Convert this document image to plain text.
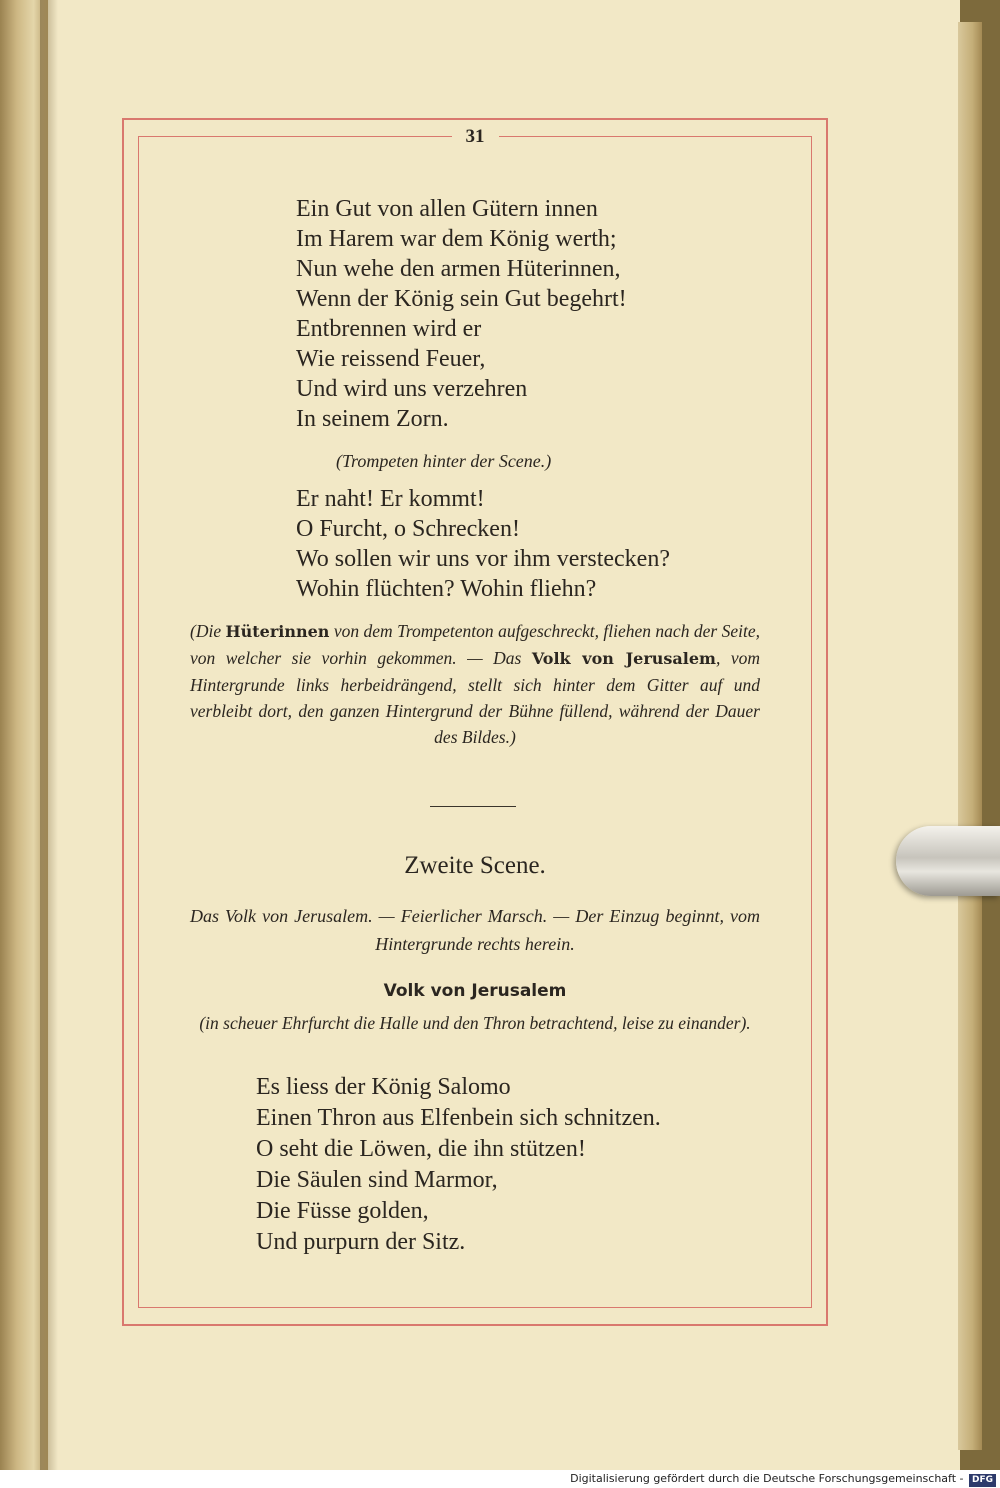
31
Ein Gut von allen Gütern innen
Im Harem war dem König werth;
Nun wehe den armen Hüterinnen,
Wenn der König sein Gut begehrt!
Entbrennen wird er
Wie reissend Feuer,
Und wird uns verzehren
In seinem Zorn.

(Trompeten hinter der Scene.)

Er naht! Er kommt!
O Furcht, o Schrecken!
Wo sollen wir uns vor ihm verstecken?
Wohin flüchten? Wohin fliehn?

(Die Hüterinnen von dem Trompetenton aufgeschreckt, fliehen nach der Seite, von welcher sie vorhin gekommen. — Das Volk von Jerusalem, vom Hintergrunde links herbeidrängend, stellt sich hinter dem Gitter auf und verbleibt dort, den ganzen Hintergrund der Bühne füllend, während der Dauer des Bildes.)

Zweite Scene.

Das Volk von Jerusalem. — Feierlicher Marsch. — Der Einzug beginnt, vom Hintergrunde rechts herein.

Volk von Jerusalem

(in scheuer Ehrfurcht die Halle und den Thron betrachtend, leise zu einander).

Es liess der König Salomo
Einen Thron aus Elfenbein sich schnitzen.
O seht die Löwen, die ihn stützen!
Die Säulen sind Marmor,
Die Füsse golden,
Und purpurn der Sitz.
Digitalisierung gefördert durch die Deutsche Forschungsgemeinschaft - DFG
